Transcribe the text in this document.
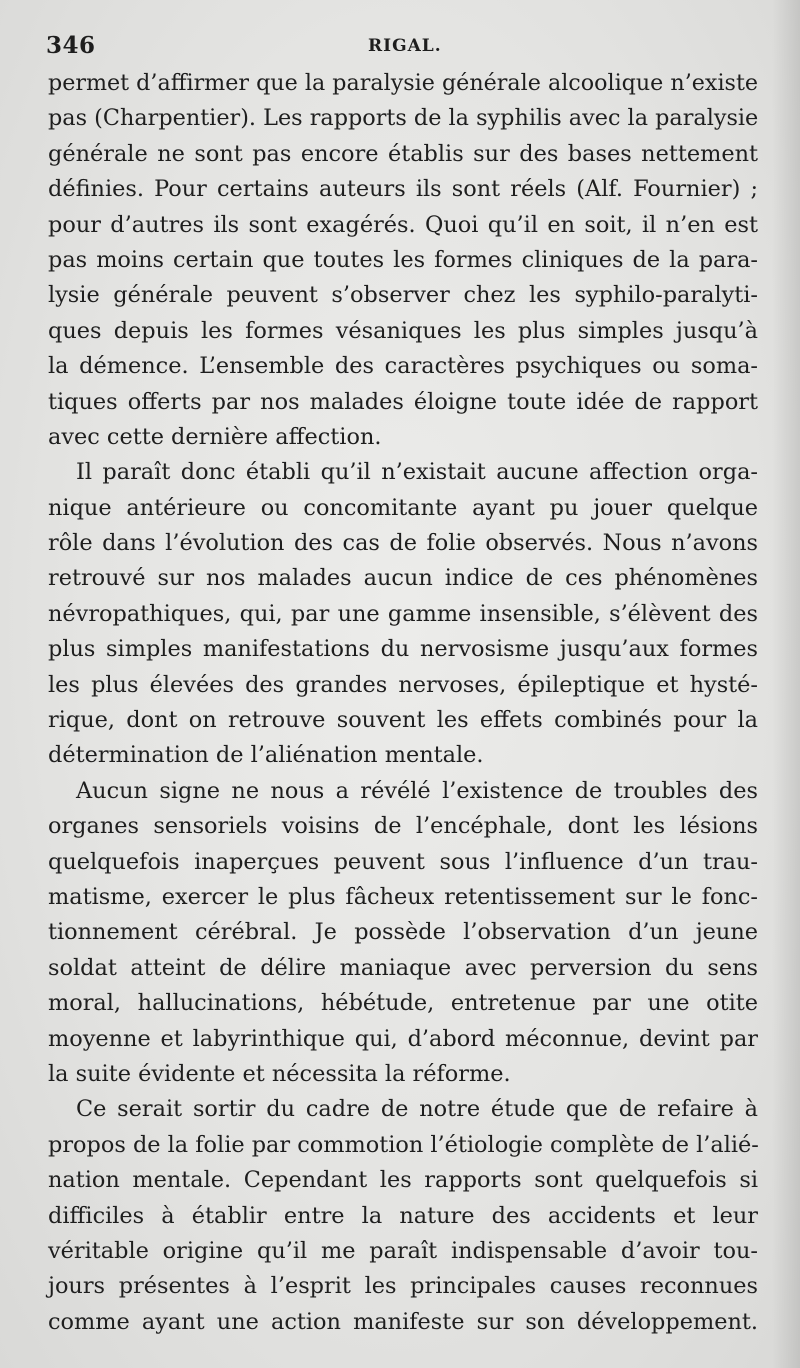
346	RIGAL.
permet d’affirmer que la paralysie générale alcoolique n’existe
pas (Charpentier). Les rapports de la syphilis avec la paralysie
générale ne sont pas encore établis sur des bases nettement
définies. Pour certains auteurs ils sont réels (Alf. Fournier) ;
pour d’autres ils sont exagérés. Quoi qu’il en soit, il n’en est
pas moins certain que toutes les formes cliniques de la para-
lysie générale peuvent s’observer chez les syphilo-paralyti-
ques depuis les formes vésaniques les plus simples jusqu’à
la démence. L’ensemble des caractères psychiques ou soma-
tiques offerts par nos malades éloigne toute idée de rapport
avec cette dernière affection.
Il paraît donc établi qu’il n’existait aucune affection orga-
nique antérieure ou concomitante ayant pu jouer quelque
rôle dans l’évolution des cas de folie observés. Nous n’avons
retrouvé sur nos malades aucun indice de ces phénomènes
névropathiques, qui, par une gamme insensible, s’élèvent des
plus simples manifestations du nervosisme jusqu’aux formes
les plus élevées des grandes nervoses, épileptique et hysté-
rique, dont on retrouve souvent les effets combinés pour la
détermination de l’aliénation mentale.
Aucun signe ne nous a révélé l’existence de troubles des
organes sensoriels voisins de l’encéphale, dont les lésions
quelquefois inaperçues peuvent sous l’influence d’un trau-
matisme, exercer le plus fâcheux retentissement sur le fonc-
tionnement cérébral. Je possède l’observation d’un jeune
soldat atteint de délire maniaque avec perversion du sens
moral, hallucinations, hébétude, entretenue par une otite
moyenne et labyrinthique qui, d’abord méconnue, devint par
la suite évidente et nécessita la réforme.
Ce serait sortir du cadre de notre étude que de refaire à
propos de la folie par commotion l’étiologie complète de l’alié-
nation mentale. Cependant les rapports sont quelquefois si
difficiles à établir entre la nature des accidents et leur
véritable origine qu’il me paraît indispensable d’avoir tou-
jours présentes à l’esprit les principales causes reconnues
comme ayant une action manifeste sur son développement.
